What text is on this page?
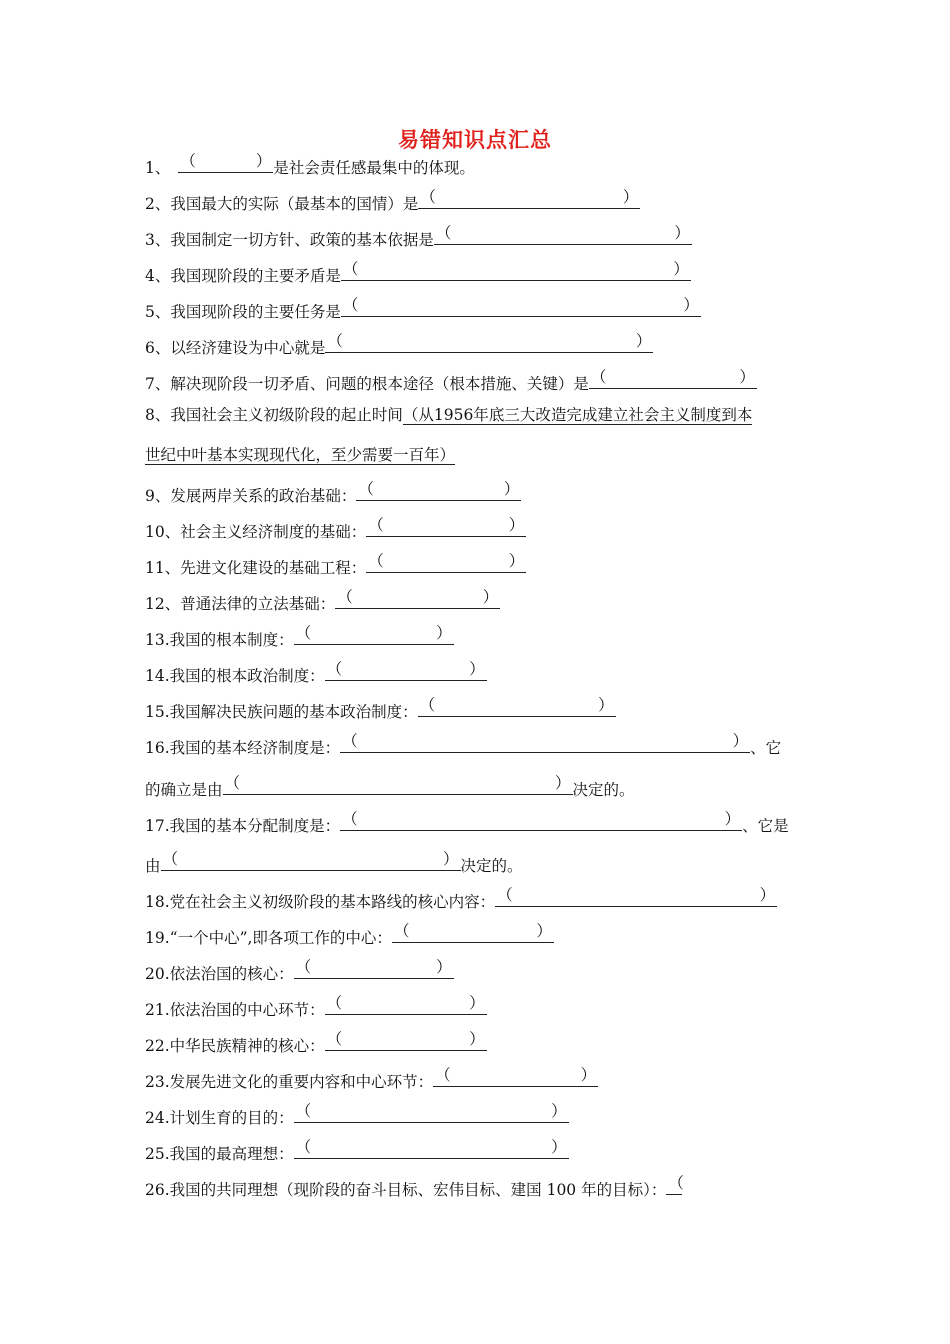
易错知识点汇总
1、 （	） 是社会责任感最集中的体现。
2、我国最大的实际（最基本的国情）是 （	）
3、我国制定一切方针、政策的基本依据是 （	）
4、我国现阶段的主要矛盾是 （	）
5、我国现阶段的主要任务是 （	）
6、以经济建设为中心就是 （	）
7、解决现阶段一切矛盾、问题的根本途径（根本措施、关键）是 （	）
8、我国社会主义初级阶段的起止时间（从1956年底三大改造完成建立社会主义制度到本
世纪中叶基本实现现代化，至少需要一百年）
9、发展两岸关系的政治基础： （	）
10、社会主义经济制度的基础： （	）
11、先进文化建设的基础工程： （	）
12、普通法律的立法基础： （	）
13.我国的根本制度： （	）
14.我国的根本政治制度： （	）
15.我国解决民族问题的基本政治制度： （	）
16.我国的基本经济制度是： （	） 、它
的确立是由 （	） 决定的。
17.我国的基本分配制度是： （	） 、它是
由 （	） 决定的。
18.党在社会主义初级阶段的基本路线的核心内容： （	）
19.“一个中心”,即各项工作的中心： （	）
20.依法治国的核心： （	）
21.依法治国的中心环节： （	）
22.中华民族精神的核心： （	）
23.发展先进文化的重要内容和中心环节： （	）
24.计划生育的目的： （	）
25.我国的最高理想： （	）
26.我国的共同理想（现阶段的奋斗目标、宏伟目标、建国 100 年的目标）： （
